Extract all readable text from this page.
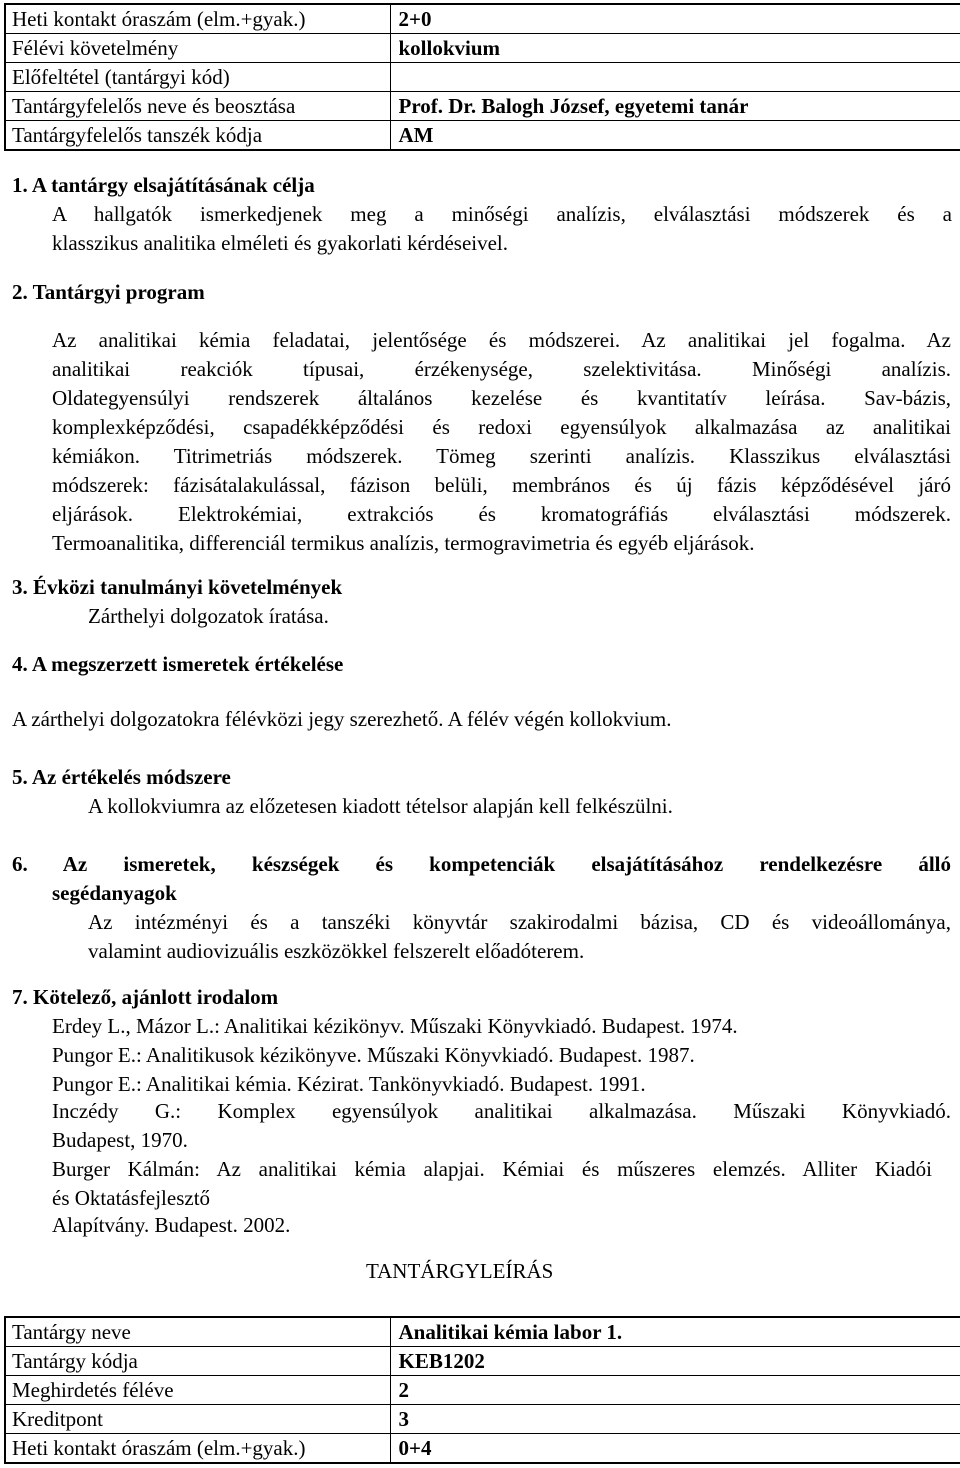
Heti kontakt óraszám (elm.+gyak.)	2+0
Félévi követelmény	kollokvium
Előfeltétel (tantárgyi kód)	
Tantárgyfelelős neve és beosztása	Prof. Dr. Balogh József, egyetemi tanár
Tantárgyfelelős tanszék kódja	AM
1. A tantárgy elsajátításának célja
A hallgatók ismerkedjenek meg a minőségi analízis, elválasztási módszerek és a
klasszikus analitika elméleti és gyakorlati kérdéseivel.
2. Tantárgyi program
Az analitikai kémia feladatai, jelentősége és módszerei. Az analitikai jel fogalma. Az
analitikai reakciók típusai, érzékenysége, szelektivitása. Minőségi analízis.
Oldategyensúlyi rendszerek általános kezelése és kvantitatív leírása. Sav-bázis,
komplexképződési, csapadékképződési és redoxi egyensúlyok alkalmazása az analitikai
kémiákon. Titrimetriás módszerek. Tömeg szerinti analízis. Klasszikus elválasztási
módszerek: fázisátalakulással, fázison belüli, membrános és új fázis képződésével járó
eljárások. Elektrokémiai, extrakciós és kromatográfiás elválasztási módszerek.
Termoanalitika, differenciál termikus analízis, termogravimetria és egyéb eljárások.
3. Évközi tanulmányi követelmények
Zárthelyi dolgozatok íratása.
4. A megszerzett ismeretek értékelése
A zárthelyi dolgozatokra félévközi jegy szerezhető. A félév végén kollokvium.
5. Az értékelés módszere
A kollokviumra az előzetesen kiadott tételsor alapján kell felkészülni.
6. Az ismeretek, készségek és kompetenciák elsajátításához rendelkezésre álló
segédanyagok
Az intézményi és a tanszéki könyvtár szakirodalmi bázisa, CD és videoállománya,
valamint audiovizuális eszközökkel felszerelt előadóterem.
7. Kötelező, ajánlott irodalom
Erdey L., Mázor L.: Analitikai kézikönyv. Műszaki Könyvkiadó. Budapest. 1974.
Pungor E.: Analitikusok kézikönyve. Műszaki Könyvkiadó. Budapest. 1987.
Pungor E.: Analitikai kémia. Kézirat. Tankönyvkiadó. Budapest. 1991.
Inczédy G.: Komplex egyensúlyok analitikai alkalmazása. Műszaki Könyvkiadó.
Budapest, 1970.
Burger Kálmán: Az analitikai kémia alapjai. Kémiai és műszeres elemzés. Alliter Kiadói
és Oktatásfejlesztő
Alapítvány. Budapest. 2002.
TANTÁRGYLEÍRÁS
Tantárgy neve	Analitikai kémia labor 1.
Tantárgy kódja	KEB1202
Meghirdetés féléve	2
Kreditpont	3
Heti kontakt óraszám (elm.+gyak.)	0+4
